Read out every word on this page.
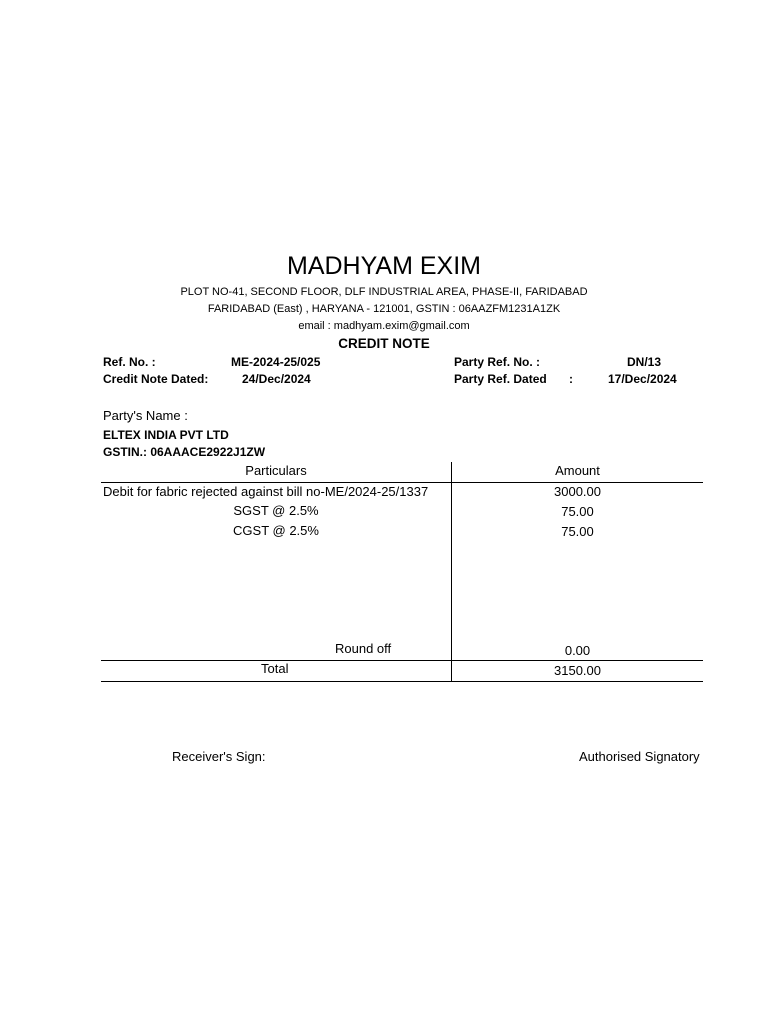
MADHYAM EXIM
PLOT NO-41, SECOND FLOOR, DLF INDUSTRIAL AREA, PHASE-II, FARIDABAD
FARIDABAD (East) , HARYANA - 121001, GSTIN : 06AAZFM1231A1ZK
email : madhyam.exim@gmail.com
CREDIT NOTE
Ref. No. :	ME-2024-25/025
Credit Note Dated:	24/Dec/2024
Party Ref. No. :	DN/13
Party Ref. Dated :	17/Dec/2024
Party's Name :
ELTEX INDIA PVT LTD
GSTIN.: 06AAACE2922J1ZW
Particulars	Amount
Debit for fabric rejected against bill no-ME/2024-25/1337	3000.00
SGST @ 2.5%	75.00
CGST @ 2.5%	75.00
Round off	0.00
Total	3150.00
Receiver's Sign:	Authorised Signatory
